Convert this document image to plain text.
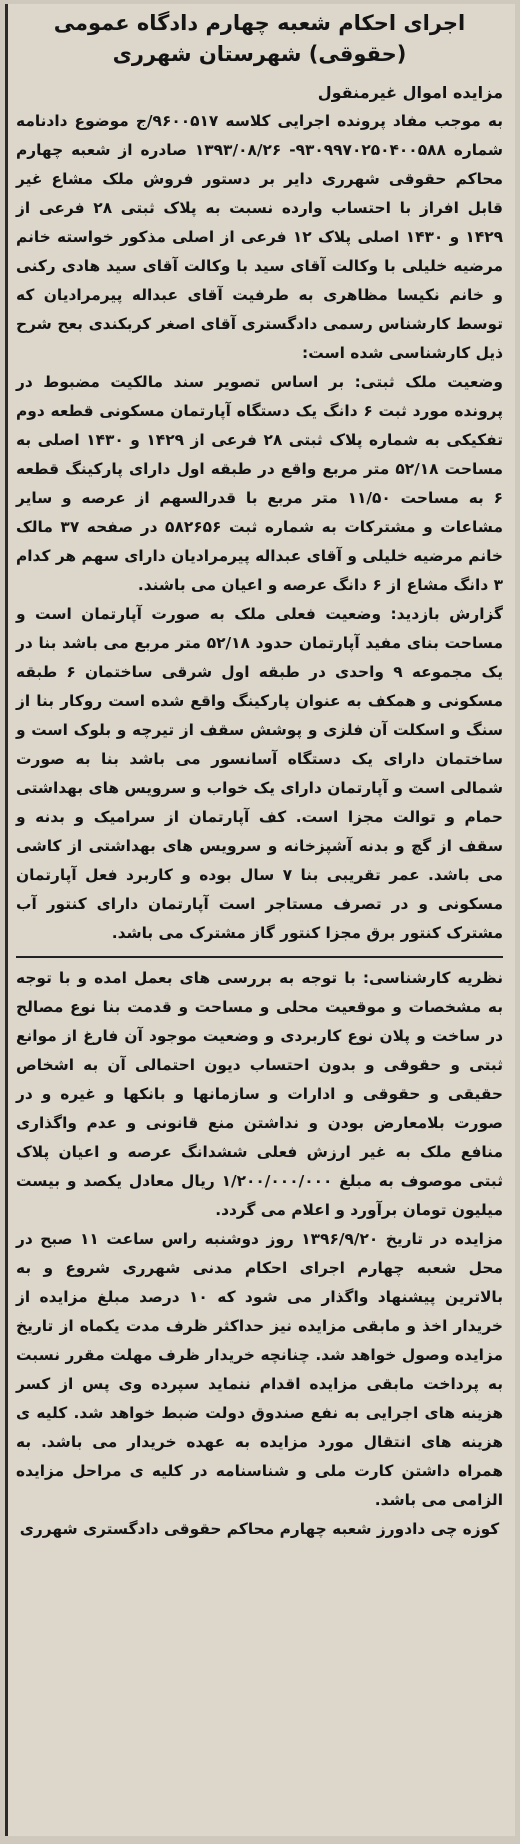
اجرای احکام شعبه چهارم دادگاه عمومی (حقوقی) شهرستان شهرری
مزایده اموال غیرمنقول

به موجب مفاد پرونده اجرایی کلاسه ۹۶۰۰۵۱۷/ج موضوع دادنامه شماره ۹۳۰۹۹۷۰۲۵۰۴۰۰۵۸۸- ۱۳۹۳/۰۸/۲۶ صادره از شعبه چهارم محاکم حقوقی شهرری دایر بر دستور فروش ملک مشاع غیر قابل افراز با احتساب وارده نسبت به پلاک ثبتی ۲۸ فرعی از ۱۴۲۹ و ۱۴۳۰ اصلی پلاک ۱۲ فرعی از اصلی مذکور خواسته خانم مرضیه خلیلی با وکالت آقای سید با وکالت آقای سید هادی رکنی و خانم نکیسا مظاهری به طرفیت آقای عبداله پیرمرادیان که توسط کارشناس رسمی دادگستری آقای اصغر کربکندی بعح شرح ذیل کارشناسی شده است:

وضعیت ملک ثبتی: بر اساس تصویر سند مالکیت مضبوط در پرونده مورد ثبت ۶ دانگ یک دستگاه آپارتمان مسکونی قطعه دوم تفکیکی به شماره پلاک ثبتی ۲۸ فرعی از ۱۴۲۹ و ۱۴۳۰ اصلی به مساحت ۵۲/۱۸ متر مربع واقع در طبقه اول دارای پارکینگ قطعه ۶ به مساحت ۱۱/۵۰ متر مربع با قدرالسهم از عرصه و سایر مشاعات و مشترکات به شماره ثبت ۵۸۲۶۵۶ در صفحه ۳۷ مالک خانم مرضیه خلیلی و آقای عبداله پیرمرادیان دارای سهم هر کدام ۳ دانگ مشاع از ۶ دانگ عرصه و اعیان می باشند.

گزارش بازدید: وضعیت فعلی ملک به صورت آپارتمان است و مساحت بنای مفید آپارتمان حدود ۵۲/۱۸ متر مربع می باشد بنا در یک مجموعه ۹ واحدی در طبقه اول شرقی ساختمان ۶ طبقه مسکونی و همکف به عنوان پارکینگ واقع شده است روکار بنا از سنگ و اسکلت آن فلزی و پوشش سقف از تیرچه و بلوک است و ساختمان دارای یک دستگاه آسانسور می باشد بنا به صورت شمالی است و آپارتمان دارای یک خواب و سرویس های بهداشتی حمام و توالت مجزا است. کف آپارتمان از سرامیک و بدنه و سقف از گچ و بدنه آشپزخانه و سرویس های بهداشتی از کاشی می باشد. عمر تقریبی بنا ۷ سال بوده و کاربرد فعل آپارتمان مسکونی و در تصرف مستاجر است آپارتمان دارای کنتور آب مشترک کنتور برق مجزا کنتور گاز مشترک می باشد.

نظریه کارشناسی: با توجه به بررسی های بعمل امده و با توجه به مشخصات و موقعیت محلی و مساحت و قدمت بنا نوع مصالح در ساخت و پلان نوع کاربردی و وضعیت موجود آن فارغ از موانع ثبتی و حقوقی و بدون احتساب دیون احتمالی آن به اشخاص حقیقی و حقوقی و ادارات و سازمانها و بانکها و غیره و در صورت بلامعارض بودن و نداشتن منع قانونی و عدم واگذاری منافع ملک به غیر ارزش فعلی ششدانگ عرصه و اعیان پلاک ثبتی موصوف به مبلغ ۱/۲۰۰/۰۰۰/۰۰۰ ریال معادل یکصد و بیست میلیون تومان برآورد و اعلام می گردد.

مزایده در تاریخ ۱۳۹۶/۹/۲۰ روز دوشنبه راس ساعت ۱۱ صبح در محل شعبه چهارم اجرای احکام مدنی شهرری شروع و به بالاترین پیشنهاد واگذار می شود که ۱۰ درصد مبلغ مزایده از خریدار اخذ و مابقی مزایده نیز حداکثر ظرف مدت یکماه از تاریخ مزایده وصول خواهد شد. چنانچه خریدار ظرف مهلت مقرر نسبت به پرداخت مابقی مزایده اقدام ننماید سپرده وی پس از کسر هزینه های اجرایی به نفع صندوق دولت ضبط خواهد شد. کلیه ی هزینه های انتقال مورد مزایده به عهده خریدار می باشد. به همراه داشتن کارت ملی و شناسنامه در کلیه ی مراحل مزایده الزامی می باشد.

کوزه چی دادورز شعبه چهارم محاکم حقوقی دادگستری شهرری
